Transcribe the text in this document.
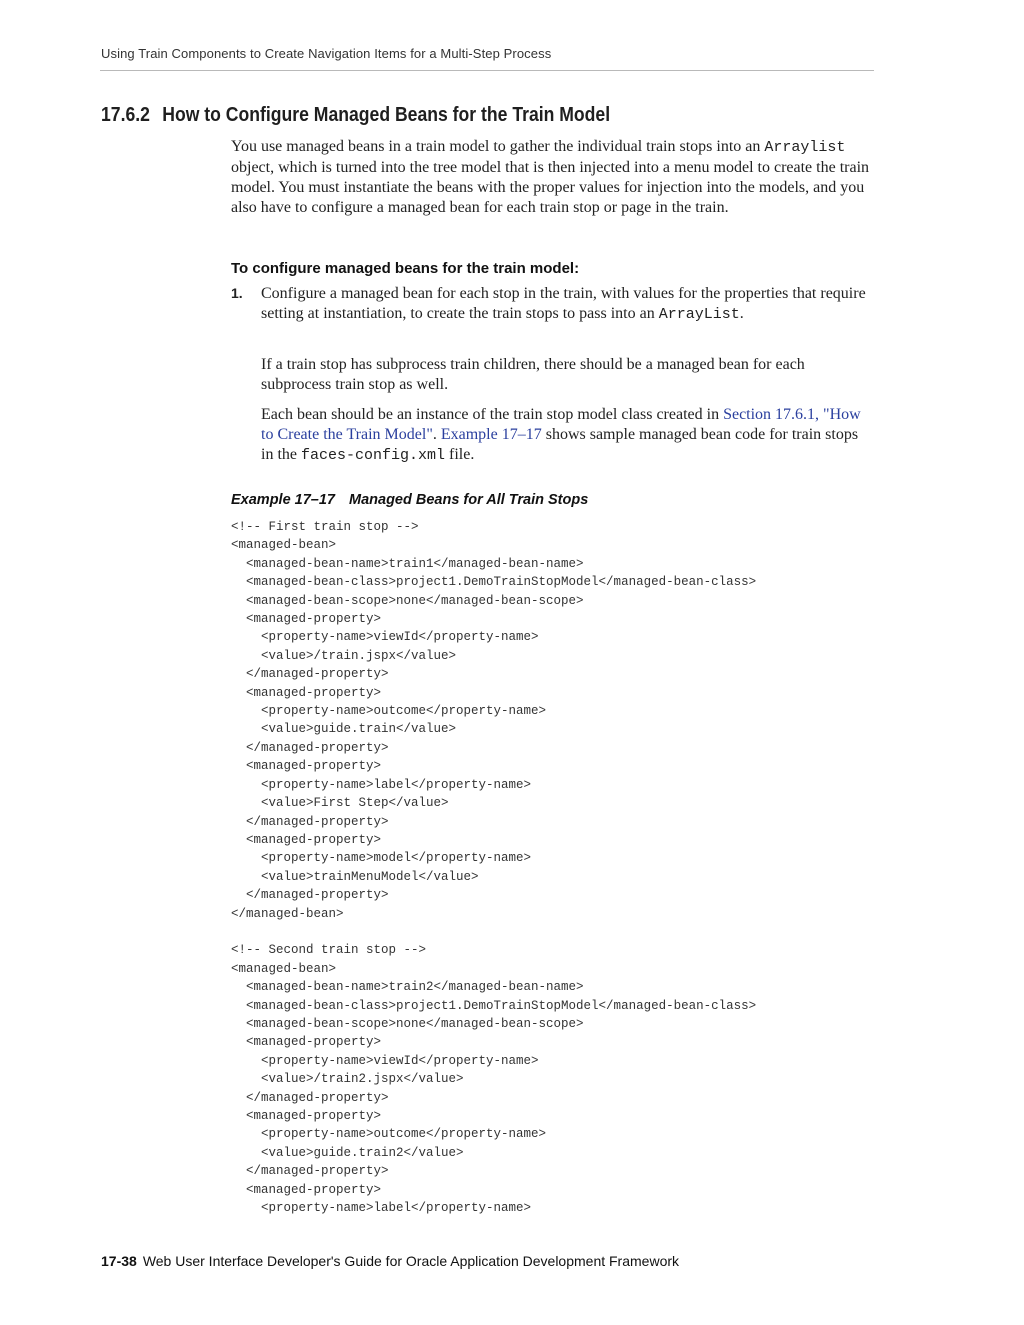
Using Train Components to Create Navigation Items for a Multi-Step Process
17.6.2 How to Configure Managed Beans for the Train Model

You use managed beans in a train model to gather the individual train stops into an Arraylist object, which is turned into the tree model that is then injected into a menu model to create the train model. You must instantiate the beans with the proper values for injection into the models, and you also have to configure a managed bean for each train stop or page in the train.

To configure managed beans for the train model:
1. Configure a managed bean for each stop in the train, with values for the properties that require setting at instantiation, to create the train stops to pass into an ArrayList.

If a train stop has subprocess train children, there should be a managed bean for each subprocess train stop as well.

Each bean should be an instance of the train stop model class created in Section 17.6.1, "How to Create the Train Model". Example 17–17 shows sample managed bean code for train stops in the faces-config.xml file.

Example 17–17 Managed Beans for All Train Stops
<!-- First train stop -->
<managed-bean>
<managed-bean-name>train1</managed-bean-name>
<managed-bean-class>project1.DemoTrainStopModel</managed-bean-class>
<managed-bean-scope>none</managed-bean-scope>
<managed-property>
<property-name>viewId</property-name>
<value>/train.jspx</value>
</managed-property>
<managed-property>
<property-name>outcome</property-name>
<value>guide.train</value>
</managed-property>
<managed-property>
<property-name>label</property-name>
<value>First Step</value>
</managed-property>
<managed-property>
<property-name>model</property-name>
<value>trainMenuModel</value>
</managed-property>
</managed-bean>

<!-- Second train stop -->
<managed-bean>
<managed-bean-name>train2</managed-bean-name>
<managed-bean-class>project1.DemoTrainStopModel</managed-bean-class>
<managed-bean-scope>none</managed-bean-scope>
<managed-property>
<property-name>viewId</property-name>
<value>/train2.jspx</value>
</managed-property>
<managed-property>
<property-name>outcome</property-name>
<value>guide.train2</value>
</managed-property>
<managed-property>
<property-name>label</property-name>
17-38 Web User Interface Developer's Guide for Oracle Application Development Framework
